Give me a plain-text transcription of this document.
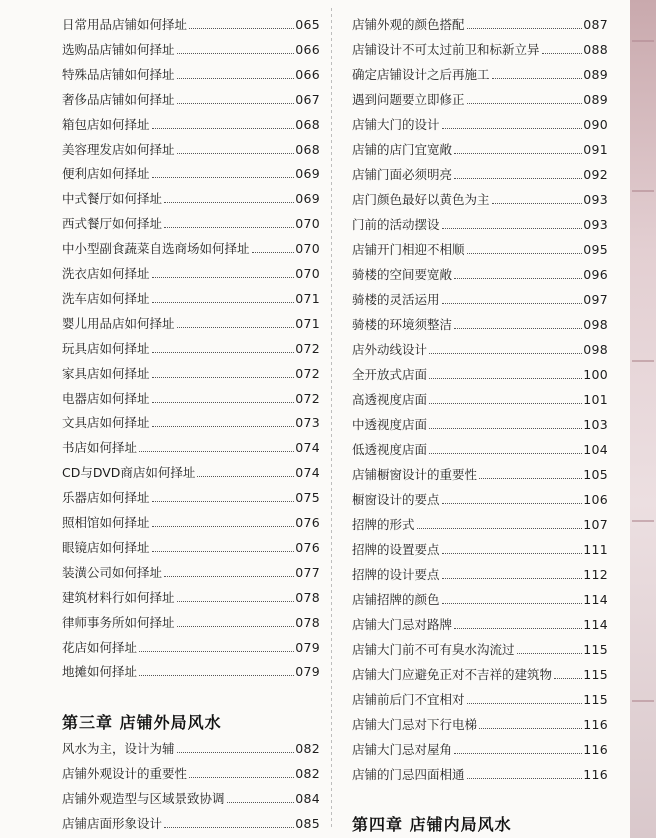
日常用品店铺如何择址	065
选购品店铺如何择址	066
特殊品店铺如何择址	066
奢侈品店铺如何择址	067
箱包店如何择址	068
美容理发店如何择址	068
便利店如何择址	069
中式餐厅如何择址	069
西式餐厅如何择址	070
中小型副食蔬菜自选商场如何择址	070
洗衣店如何择址	070
洗车店如何择址	071
婴儿用品店如何择址	071
玩具店如何择址	072
家具店如何择址	072
电器店如何择址	072
文具店如何择址	073
书店如何择址	074
CD与DVD商店如何择址	074
乐器店如何择址	075
照相馆如何择址	076
眼镜店如何择址	076
装潢公司如何择址	077
建筑材料行如何择址	078
律师事务所如何择址	078
花店如何择址	079
地摊如何择址	079
第三章 店铺外局风水
风水为主，设计为辅	082
店铺外观设计的重要性	082
店铺外观造型与区域景致协调	084
店铺店面形象设计	085
店铺外观的颜色搭配	087
店铺设计不可太过前卫和标新立异	088
确定店铺设计之后再施工	089
遇到问题要立即修正	089
店铺大门的设计	090
店铺的店门宜宽敞	091
店铺门面必须明亮	092
店门颜色最好以黄色为主	093
门前的活动摆设	093
店铺开门相迎不相顺	095
骑楼的空间要宽敞	096
骑楼的灵活运用	097
骑楼的环境须整洁	098
店外动线设计	098
全开放式店面	100
高透视度店面	101
中透视度店面	103
低透视度店面	104
店铺橱窗设计的重要性	105
橱窗设计的要点	106
招牌的形式	107
招牌的设置要点	111
招牌的设计要点	112
店铺招牌的颜色	114
店铺大门忌对路牌	114
店铺大门前不可有臭水沟流过	115
店铺大门应避免正对不吉祥的建筑物 115
店铺前后门不宜相对	115
店铺大门忌对下行电梯	116
店铺大门忌对屋角	116
店铺的门忌四面相通	116
第四章 店铺内局风水
